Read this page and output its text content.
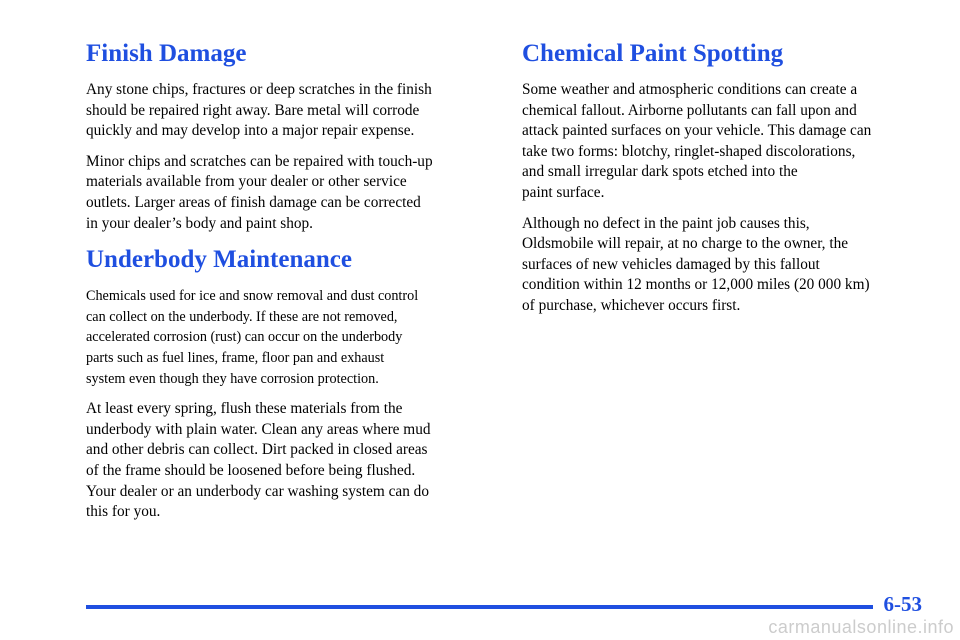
Finish Damage

Any stone chips, fractures or deep scratches in the finish
should be repaired right away. Bare metal will corrode
quickly and may develop into a major repair expense.

Minor chips and scratches can be repaired with touch-up
materials available from your dealer or other service
outlets. Larger areas of finish damage can be corrected
in your dealer’s body and paint shop.

Underbody Maintenance

Chemicals used for ice and snow removal and dust control
can collect on the underbody. If these are not removed,
accelerated corrosion (rust) can occur on the underbody
parts such as fuel lines, frame, floor pan and exhaust
system even though they have corrosion protection.

At least every spring, flush these materials from the
underbody with plain water. Clean any areas where mud
and other debris can collect. Dirt packed in closed areas
of the frame should be loosened before being flushed.
Your dealer or an underbody car washing system can do
this for you.

Chemical Paint Spotting

Some weather and atmospheric conditions can create a
chemical fallout. Airborne pollutants can fall upon and
attack painted surfaces on your vehicle. This damage can
take two forms: blotchy, ringlet-shaped discolorations,
and small irregular dark spots etched into the
paint surface.

Although no defect in the paint job causes this,
Oldsmobile will repair, at no charge to the owner, the
surfaces of new vehicles damaged by this fallout
condition within 12 months or 12,000 miles (20 000 km)
of purchase, whichever occurs first.

6-53
carmanualsonline.info
